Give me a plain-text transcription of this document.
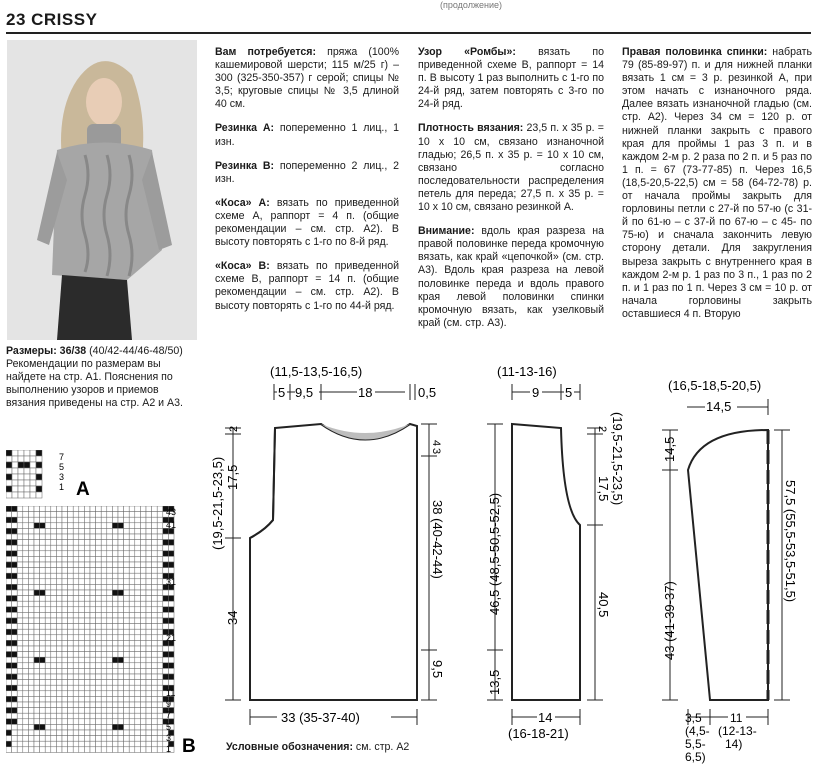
(продолжение)
23 CRISSY

Размеры: 36/38 (40/42-44/46-48/50)

Рекомендации по размерам вы найдете на стр. A1. Пояснения по выполнению узоров и приемов вязания приведены на стр. A2 и A3.

Вам потребуется: пряжа (100% кашемировой шерсти; 115 м/25 г) – 300 (325-350-357) г серой; спицы № 3,5; круговые спицы № 3,5 длиной 40 см.

Резинка А: попеременно 1 лиц., 1 изн.

Резинка В: попеременно 2 лиц., 2 изн.

«Коса» А: вязать по приведенной схеме А, раппорт = 4 п. (общие рекомендации – см. стр. А2). В высоту повторять с 1-го по 8-й ряд.

«Коса» В: вязать по приведенной схеме В, раппорт = 14 п. (общие рекомендации – см. стр. А2). В высоту повторять с 1-го по 44-й ряд.

Узор «Ромбы»: вязать по приведенной схеме В, раппорт = 14 п. В высоту 1 раз выполнить с 1-го по 24-й ряд, затем повторять с 3-го по 24-й ряд.

Плотность вязания: 23,5 п. х 35 р. = 10 х 10 см, связано изнаночной гладью; 26,5 п. х 35 р. = 10 х 10 см, связано согласно последовательности распределения петель для переда; 27,5 п. х 35 р. = 10 х 10 см, связано резинкой А.

Внимание: вдоль края разреза на правой половинке переда кромочную вязать, как край «цепочкой» (см. стр. А3). Вдоль края разреза на левой половинке переда и вдоль правого края левой половинки спинки кромочную вязать, как узелковый край (см. стр. А3).

Правая половинка спинки: набрать 79 (85-89-97) п. и для нижней планки вязать 1 см = 3 р. резинкой А, при этом начать с изнаночного ряда. Далее вязать изнаночной гладью (см. стр. А2). Через 34 см = 120 р. от нижней планки закрыть с правого края для проймы 1 раз 3 п. и в каждом 2-м р. 2 раза по 2 п. и 5 раз по 1 п. = 67 (73-77-85) п. Через 16,5 (18,5-20,5-22,5) см = 58 (64-72-78) р. от начала проймы закрыть для горловины петли с 27-й по 57-ю (с 31-й по 61-ю – с 37-й по 67-ю – с 45- по 75-ю) и сначала закончить левую сторону детали. Для закругления выреза закрыть с внутреннего края в каждом 2-м р. 1 раз по 3 п., 1 раз по 2 п. и 1 раз по 1 п. Через 3 см = 10 р. от начала горловины закрыть оставшиеся 4 п. Вторую

7
5
3
1 A
43
41
31
21
11
9
7
5
3
1 B
(11,5-13,5-16,5)
5 9,5	18	0,5
(19,5-21,5-23,5) 17,5
2
34
4
3
38 (40-42-44)
9,5
33 (35-37-40)
(11-13-16)
9 5
46,5 (48,5-50,5-52,5)
13,5
2
17,5 (19,5-21,5-23,5)
40,5
14
(16-18-21)
(16,5-18,5-20,5)
14,5
14,5
43 (41-39-37)
57,5 (55,5-53,5-51,5)
3,5 11
(4,5- (12-13-
5,5- 14)
6,5)
Условные обозначения: см. стр. А2
